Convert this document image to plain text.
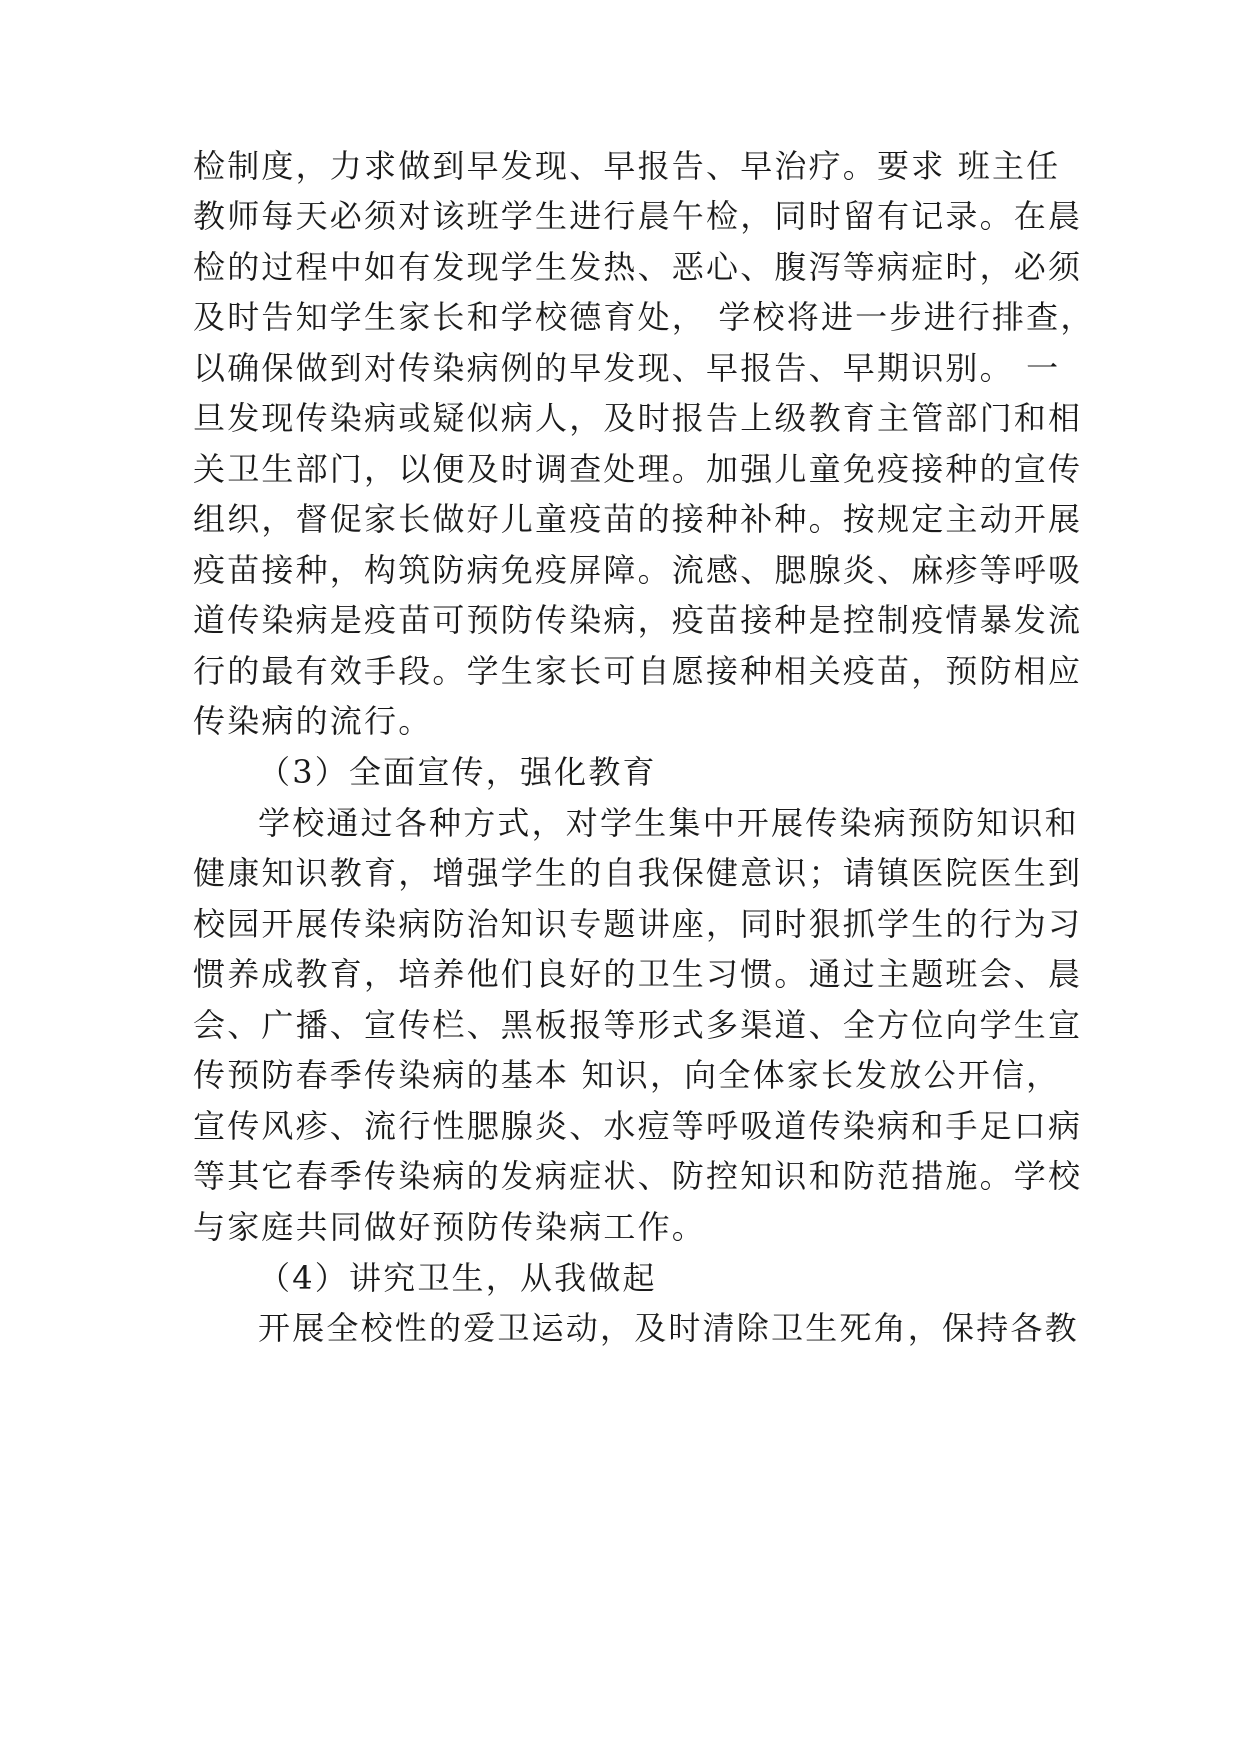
检制度，力求做到早发现、早报告、早治疗。要求 班主任
教师每天必须对该班学生进行晨午检，同时留有记录。在晨
检的过程中如有发现学生发热、恶心、腹泻等病症时，必须
及时告知学生家长和学校德育处， 学校将进一步进行排查，
以确保做到对传染病例的早发现、早报告、早期识别。 一
旦发现传染病或疑似病人，及时报告上级教育主管部门和相
关卫生部门，以便及时调查处理。加强儿童免疫接种的宣传
组织，督促家长做好儿童疫苗的接种补种。按规定主动开展
疫苗接种，构筑防病免疫屏障。流感、腮腺炎、麻疹等呼吸
道传染病是疫苗可预防传染病，疫苗接种是控制疫情暴发流
行的最有效手段。学生家长可自愿接种相关疫苗，预防相应
传染病的流行。
（3）全面宣传，强化教育
学校通过各种方式，对学生集中开展传染病预防知识和
健康知识教育，增强学生的自我保健意识；请镇医院医生到
校园开展传染病防治知识专题讲座，同时狠抓学生的行为习
惯养成教育，培养他们良好的卫生习惯。通过主题班会、晨
会、广播、宣传栏、黑板报等形式多渠道、全方位向学生宣
传预防春季传染病的基本 知识，向全体家长发放公开信，
宣传风疹、流行性腮腺炎、水痘等呼吸道传染病和手足口病
等其它春季传染病的发病症状、防控知识和防范措施。学校
与家庭共同做好预防传染病工作。
（4）讲究卫生，从我做起
开展全校性的爱卫运动，及时清除卫生死角，保持各教
